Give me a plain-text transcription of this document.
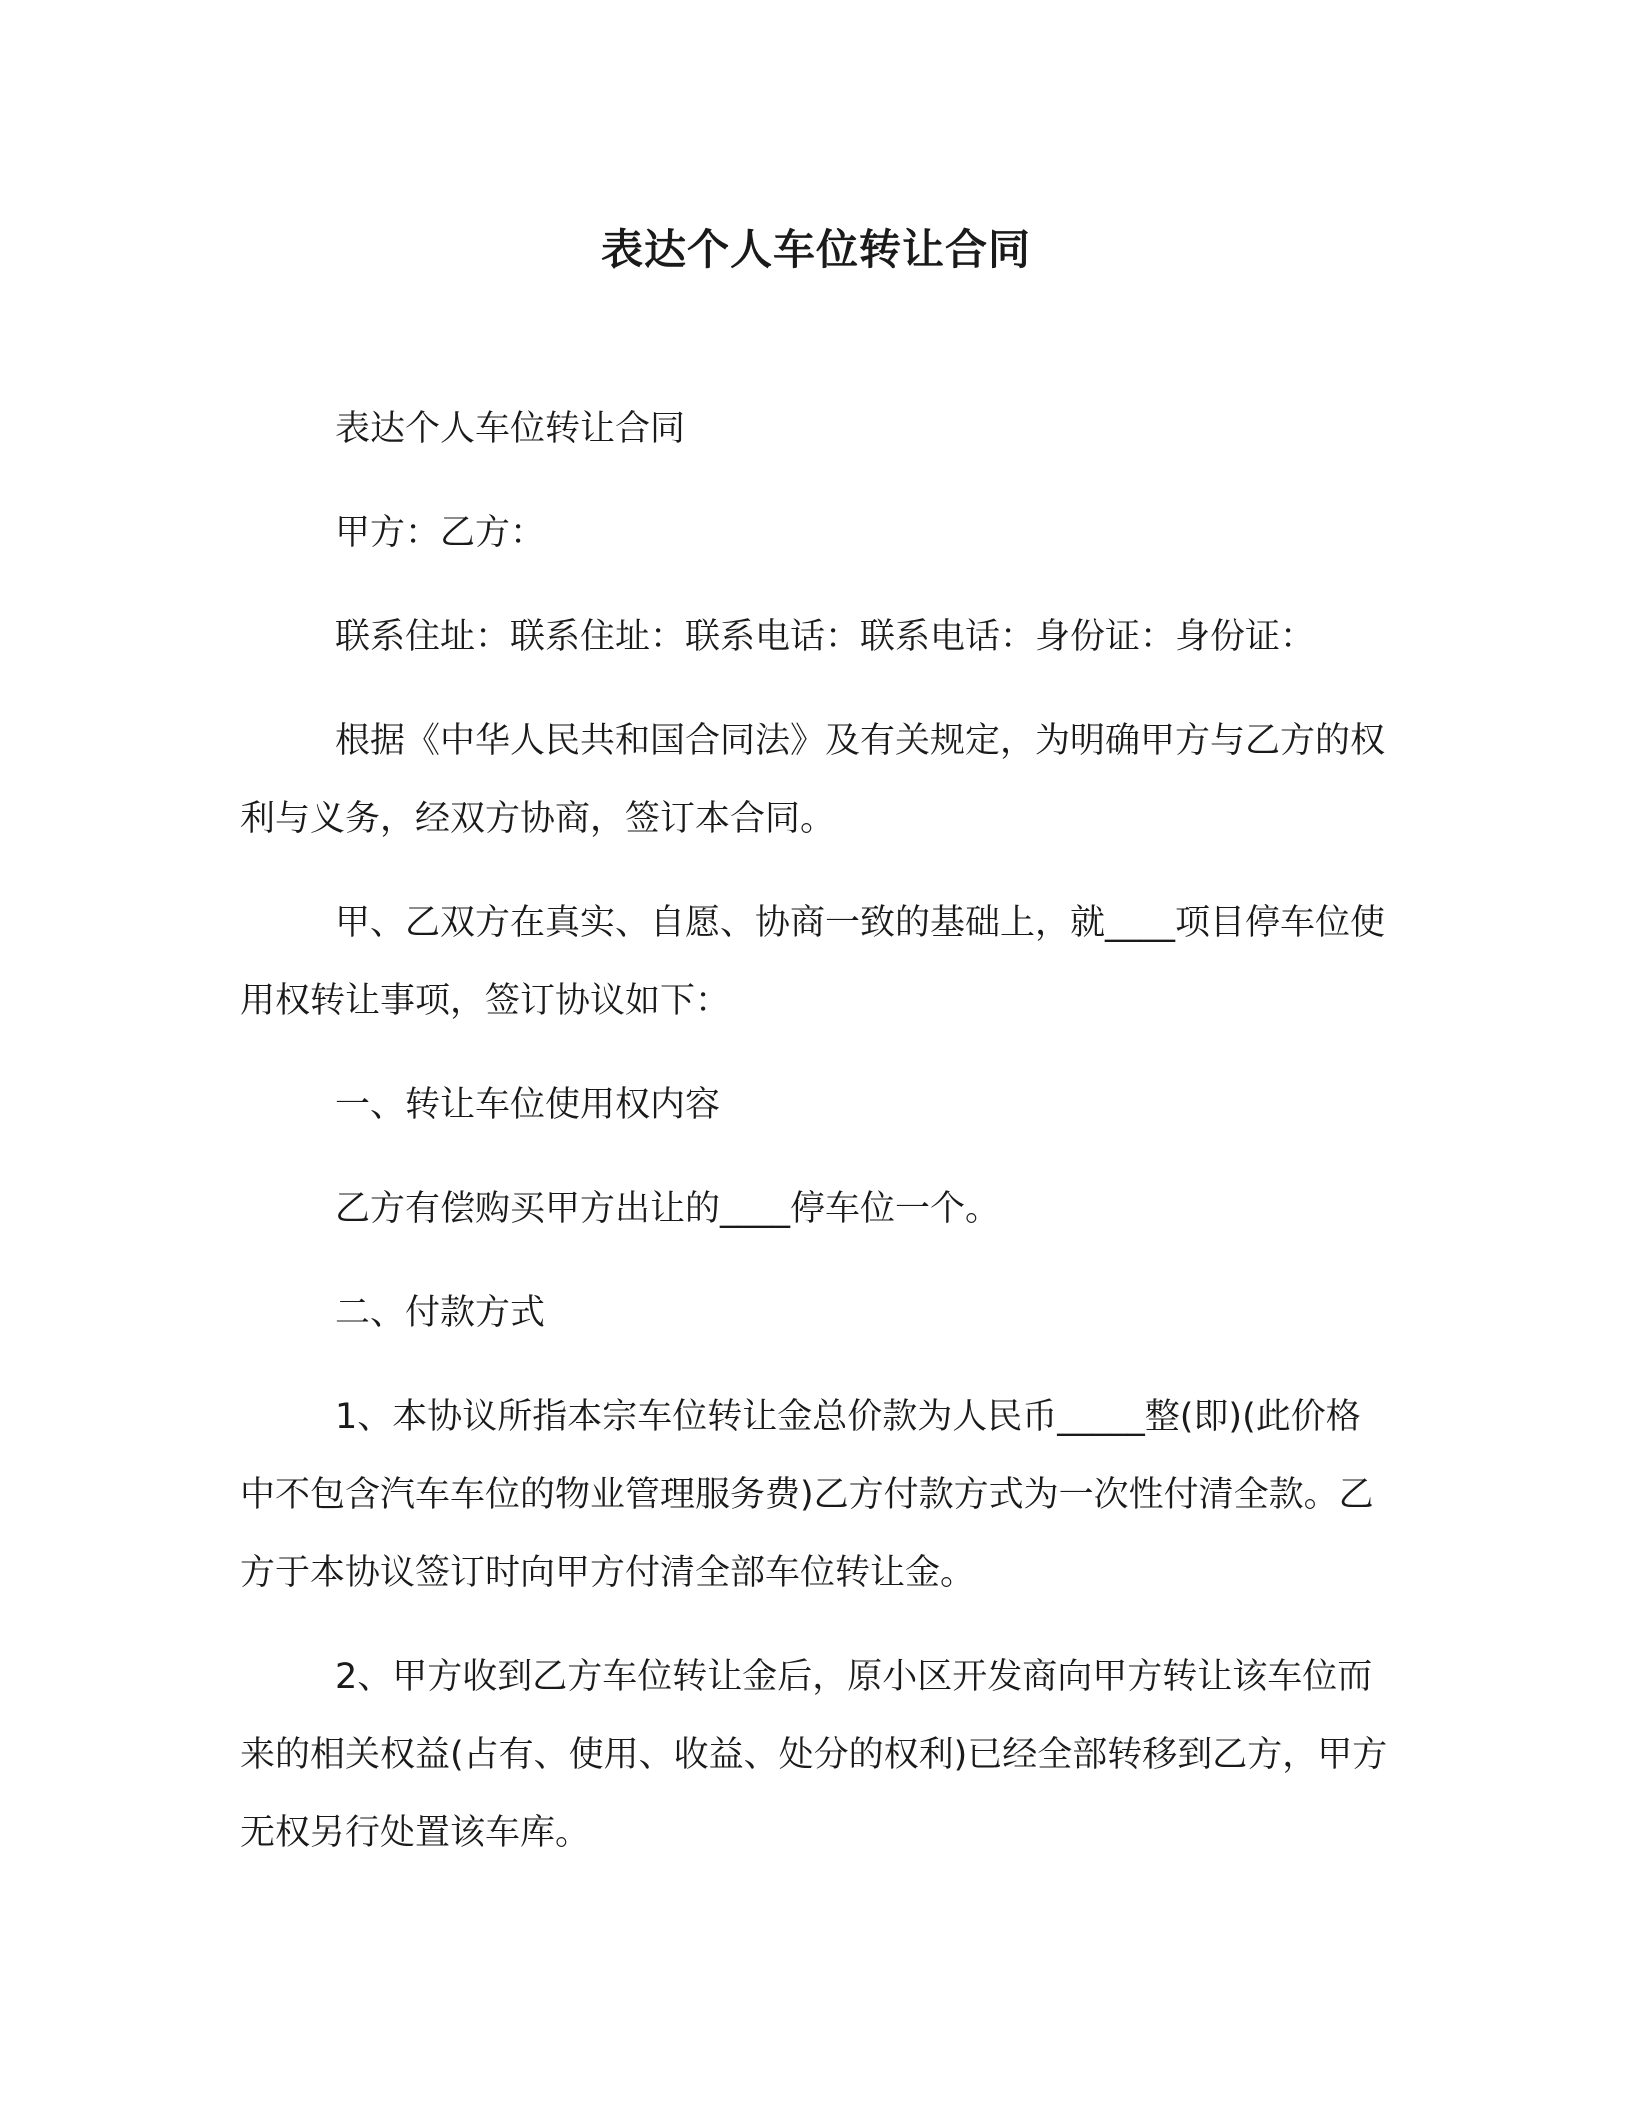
表达个人车位转让合同

表达个人车位转让合同

甲方：乙方：

联系住址：联系住址：联系电话：联系电话：身份证：身份证：

根据《中华人民共和国合同法》及有关规定，为明确甲方与乙方的权利与义务，经双方协商，签订本合同。

甲、乙双方在真实、自愿、协商一致的基础上，就____项目停车位使用权转让事项，签订协议如下：

一、转让车位使用权内容

乙方有偿购买甲方出让的____停车位一个。

二、付款方式

1、本协议所指本宗车位转让金总价款为人民币_____整(即)(此价格中不包含汽车车位的物业管理服务费)乙方付款方式为一次性付清全款。乙方于本协议签订时向甲方付清全部车位转让金。

2、甲方收到乙方车位转让金后，原小区开发商向甲方转让该车位而来的相关权益(占有、使用、收益、处分的权利)已经全部转移到乙方，甲方无权另行处置该车库。
